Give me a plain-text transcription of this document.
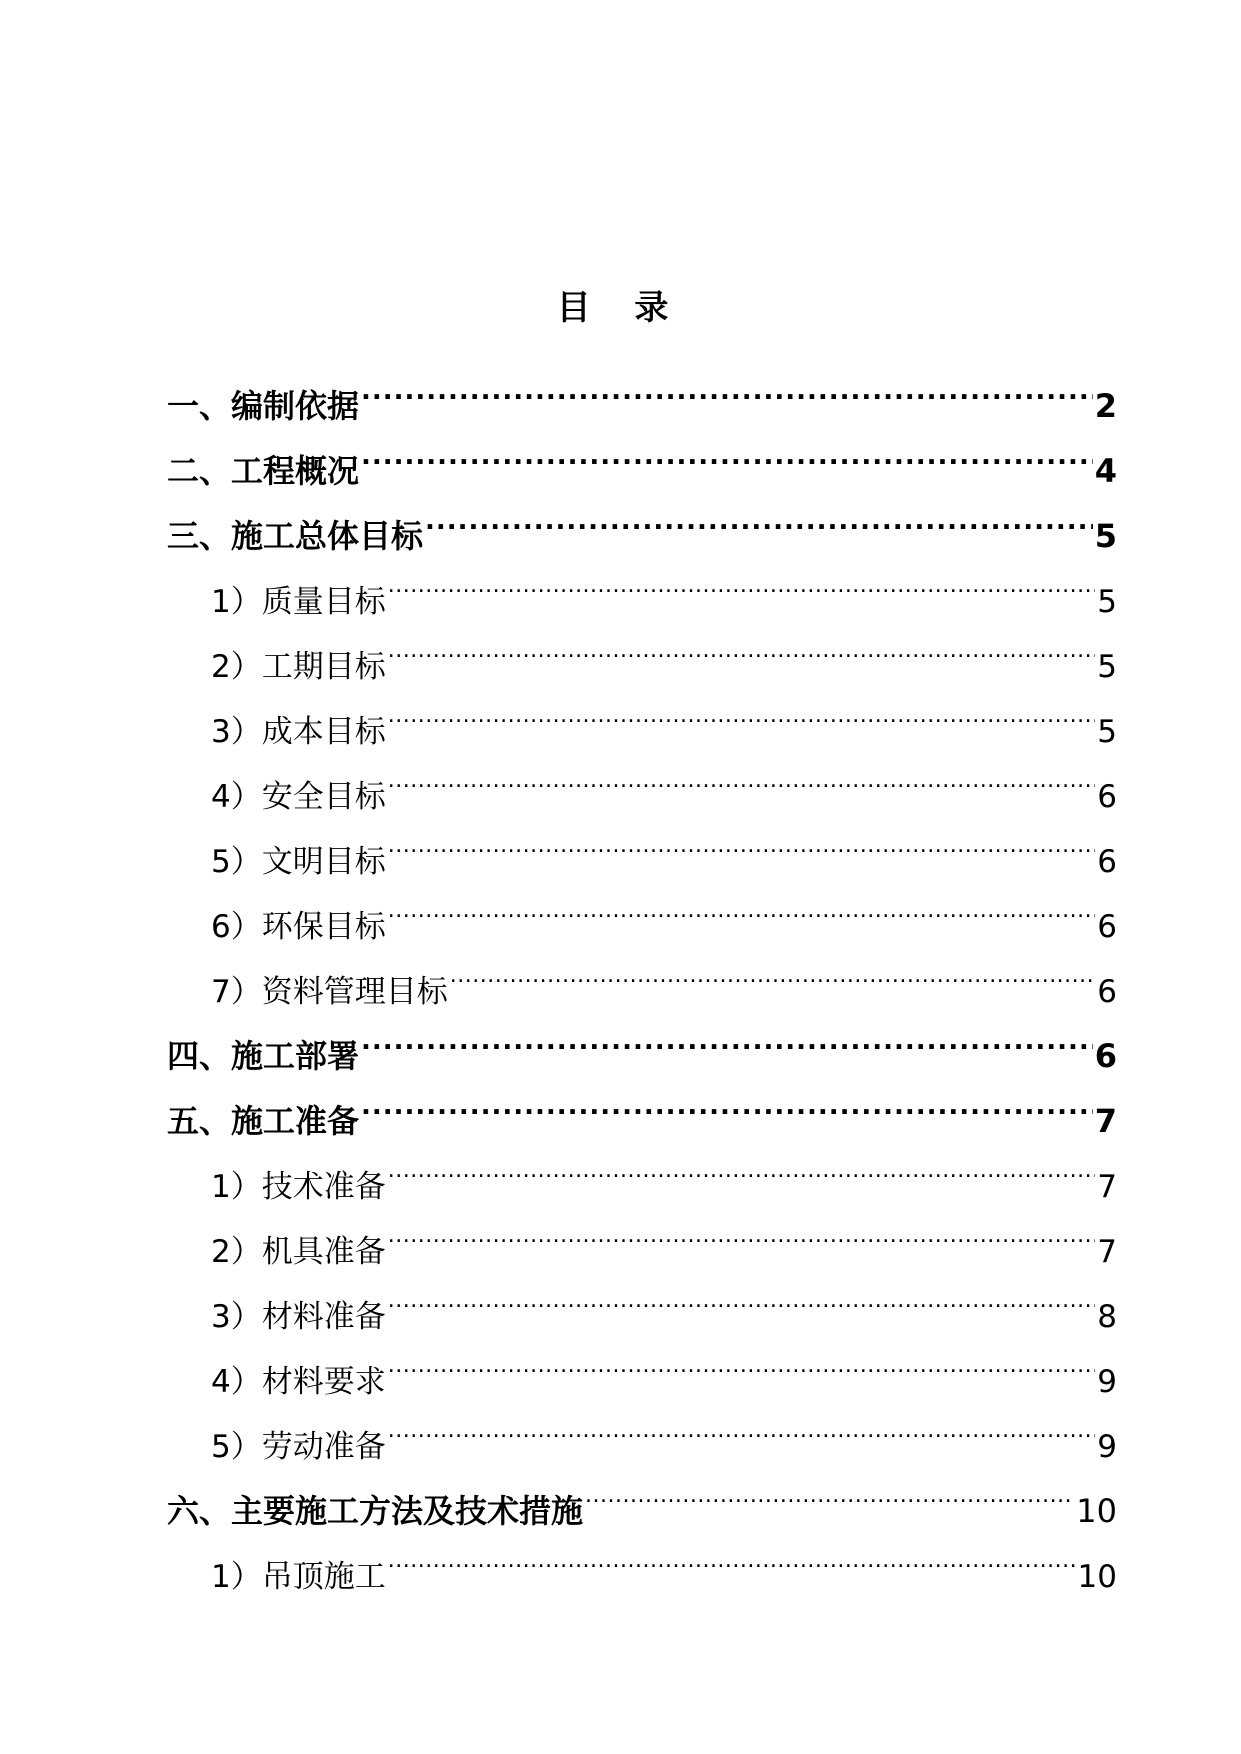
目 录
一、编制依据 .....	2
二、工程概况 .....	4
三、施工总体目标 .....	5
1）质量目标 .....	5
2）工期目标 .....	5
3）成本目标 .....	5
4）安全目标 .....	6
5）文明目标 .....	6
6）环保目标 .....	6
7）资料管理目标 .....	6
四、施工部署 .....	6
五、施工准备 .....	7
1）技术准备 .....	7
2）机具准备 .....	7
3）材料准备 .....	8
4）材料要求 .....	9
5）劳动准备 .....	9
六、主要施工方法及技术措施 .....	10
1）吊顶施工 .....	10
